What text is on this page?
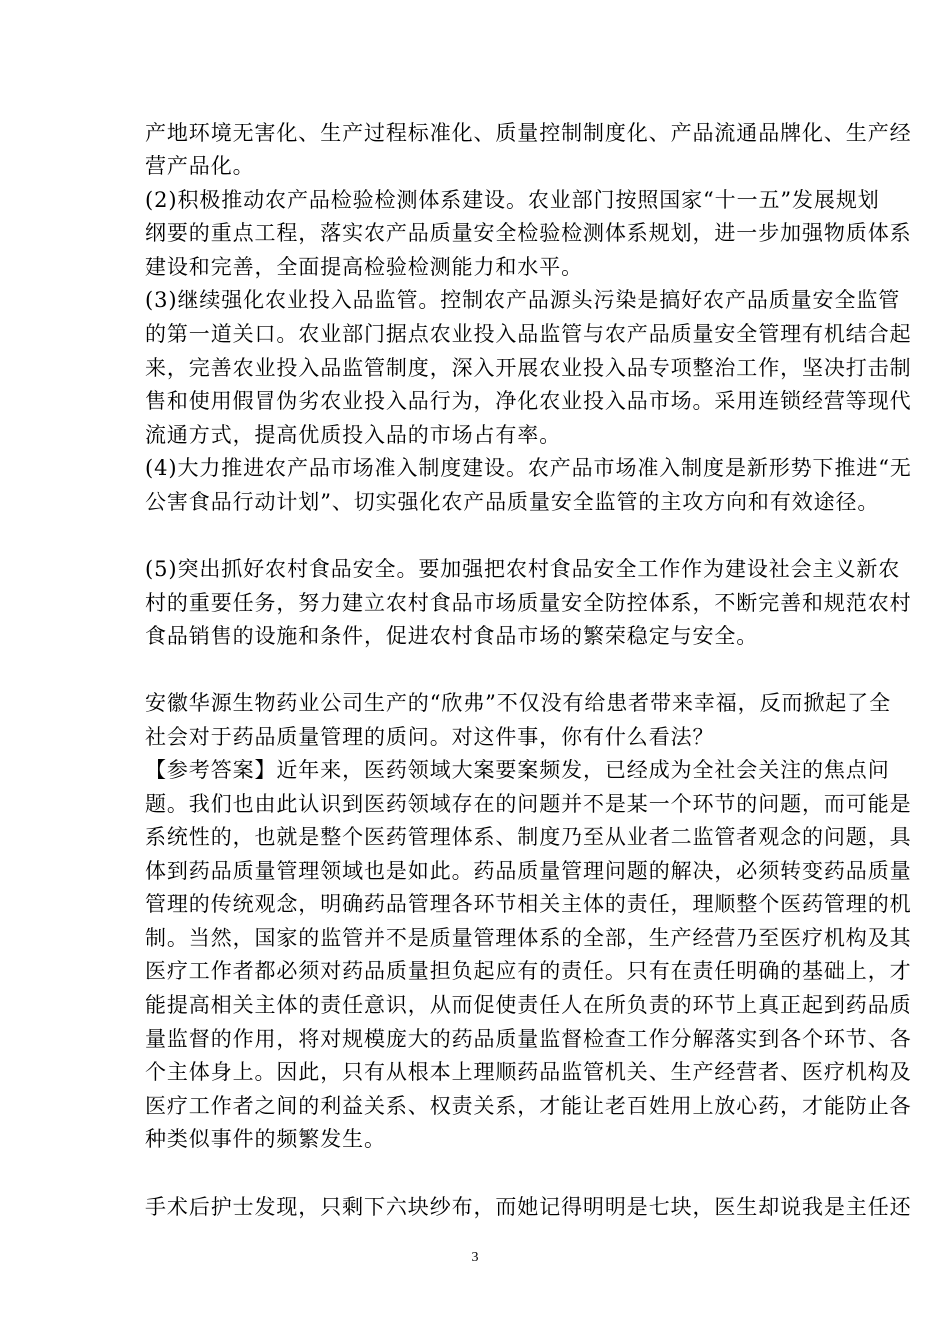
产地环境无害化、生产过程标准化、质量控制制度化、产品流通品牌化、生产经
营产品化。
(2)积极推动农产品检验检测体系建设。农业部门按照国家“十一五”发展规划
纲要的重点工程，落实农产品质量安全检验检测体系规划，进一步加强物质体系
建设和完善，全面提高检验检测能力和水平。
(3)继续强化农业投入品监管。控制农产品源头污染是搞好农产品质量安全监管
的第一道关口。农业部门据点农业投入品监管与农产品质量安全管理有机结合起
来，完善农业投入品监管制度，深入开展农业投入品专项整治工作，坚决打击制
售和使用假冒伪劣农业投入品行为，净化农业投入品市场。采用连锁经营等现代
流通方式，提高优质投入品的市场占有率。
(4)大力推进农产品市场准入制度建设。农产品市场准入制度是新形势下推进“无
公害食品行动计划”、切实强化农产品质量安全监管的主攻方向和有效途径。
(5)突出抓好农村食品安全。要加强把农村食品安全工作作为建设社会主义新农
村的重要任务，努力建立农村食品市场质量安全防控体系，不断完善和规范农村
食品销售的设施和条件，促进农村食品市场的繁荣稳定与安全。
安徽华源生物药业公司生产的“欣弗”不仅没有给患者带来幸福，反而掀起了全
社会对于药品质量管理的质问。对这件事，你有什么看法？
【参考答案】近年来，医药领域大案要案频发，已经成为全社会关注的焦点问
题。我们也由此认识到医药领域存在的问题并不是某一个环节的问题，而可能是
系统性的，也就是整个医药管理体系、制度乃至从业者二监管者观念的问题，具
体到药品质量管理领域也是如此。药品质量管理问题的解决，必须转变药品质量
管理的传统观念，明确药品管理各环节相关主体的责任，理顺整个医药管理的机
制。当然，国家的监管并不是质量管理体系的全部，生产经营乃至医疗机构及其
医疗工作者都必须对药品质量担负起应有的责任。只有在责任明确的基础上，才
能提高相关主体的责任意识，从而促使责任人在所负责的环节上真正起到药品质
量监督的作用，将对规模庞大的药品质量监督检查工作分解落实到各个环节、各
个主体身上。因此，只有从根本上理顺药品监管机关、生产经营者、医疗机构及
医疗工作者之间的利益关系、权责关系，才能让老百姓用上放心药，才能防止各
种类似事件的频繁发生。
手术后护士发现，只剩下六块纱布，而她记得明明是七块，医生却说我是主任还
3
